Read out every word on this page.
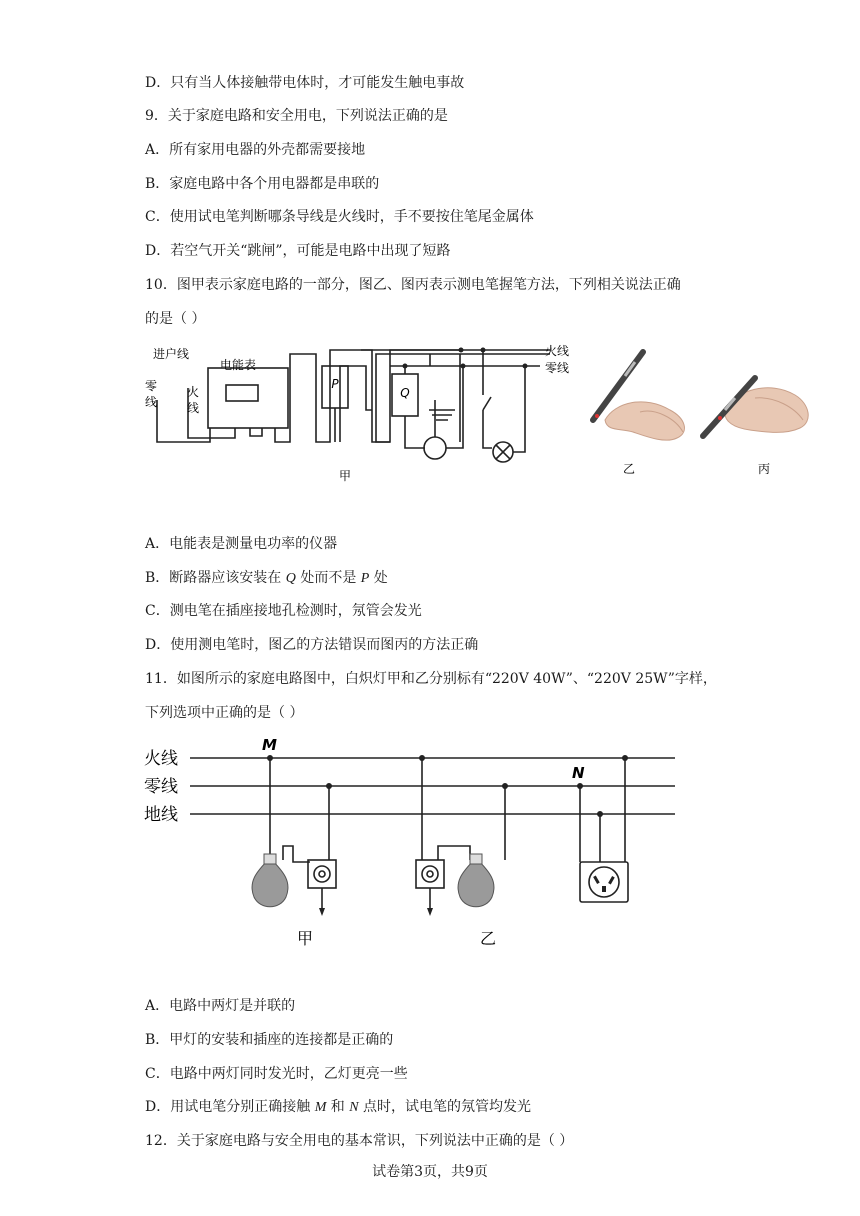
D．只有当人体接触带电体时，才可能发生触电事故
9．关于家庭电路和安全用电，下列说法正确的是
A．所有家用电器的外壳都需要接地
B．家庭电路中各个用电器都是串联的
C．使用试电笔判断哪条导线是火线时，手不要按住笔尾金属体
D．若空气开关“跳闸”，可能是电路中出现了短路
10．图甲表示家庭电路的一部分，图乙、图丙表示测电笔握笔方法，下列相关说法正确
的是（ ）
进户线
零
线
火
线
电能表
P
Q
火线
零线
甲	乙	丙
A．电能表是测量电功率的仪器
B．断路器应该安装在 Q 处而不是 P 处
C．测电笔在插座接地孔检测时，氖管会发光
D．使用测电笔时，图乙的方法错误而图丙的方法正确
11．如图所示的家庭电路图中，白炽灯甲和乙分别标有“220V 40W”、“220V 25W”字样，
下列选项中正确的是（ ）
火线
零线
地线
M
N
甲	乙
A．电路中两灯是并联的
B．甲灯的安装和插座的连接都是正确的
C．电路中两灯同时发光时，乙灯更亮一些
D．用试电笔分别正确接触 M 和 N 点时，试电笔的氖管均发光
12．关于家庭电路与安全用电的基本常识，下列说法中正确的是（ ）
试卷第3页，共9页
